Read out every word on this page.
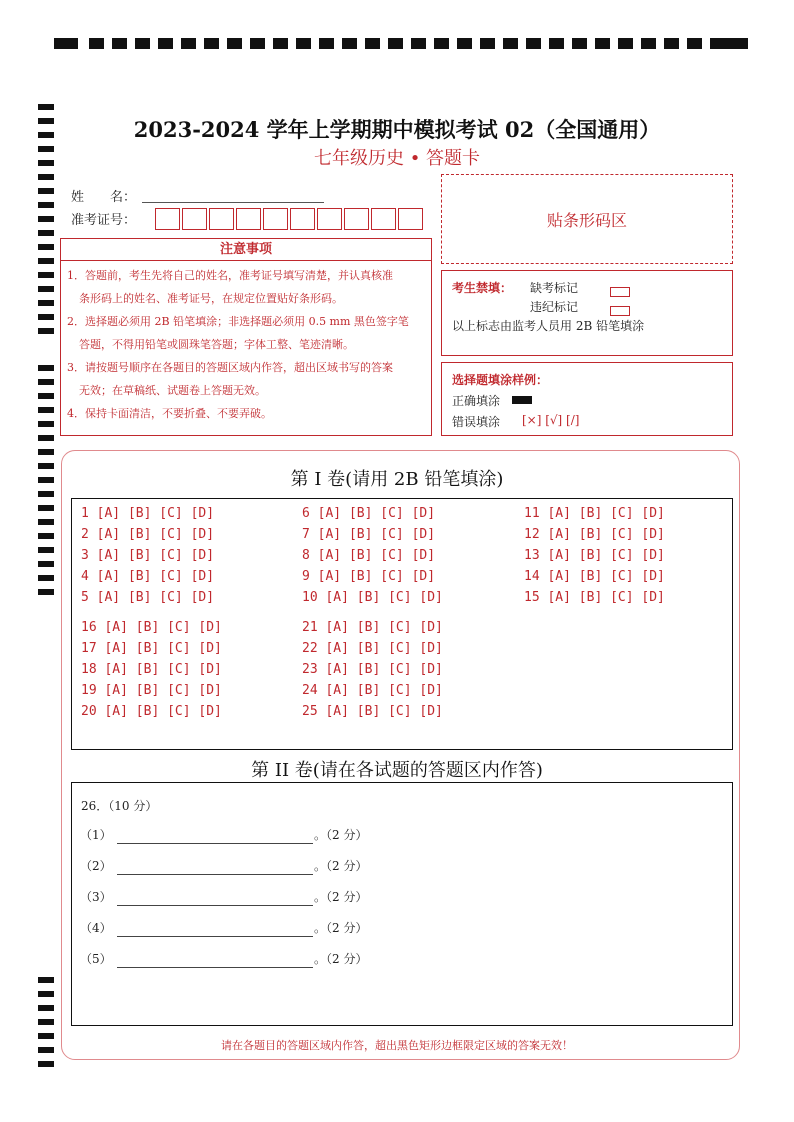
2023-2024 学年上学期期中模拟考试 02（全国通用）
七年级历史 • 答题卡
姓　　名：
准考证号：	贴条形码区
注意事项
1．答题前，考生先将自己的姓名，准考证号填写清楚，并认真核准
条形码上的姓名、准考证号，在规定位置贴好条形码。
2．选择题必须用 2B 铅笔填涂；非选择题必须用 0.5 mm 黑色签字笔
答题，不得用铅笔或圆珠笔答题；字体工整、笔迹清晰。
3．请按题号顺序在各题目的答题区域内作答，超出区域书写的答案
无效；在草稿纸、试题卷上答题无效。
4．保持卡面清洁，不要折叠、不要弄破。
考生禁填： 缺考标记
违纪标记
以上标志由监考人员用 2B 铅笔填涂
选择题填涂样例：
正确填涂
错误填涂 [×] [√] [/]
第 I 卷(请用 2B 铅笔填涂)
1 [A] [B] [C] [D]
2 [A] [B] [C] [D]
3 [A] [B] [C] [D]
4 [A] [B] [C] [D]
5 [A] [B] [C] [D]
6 [A] [B] [C] [D]
7 [A] [B] [C] [D]
8 [A] [B] [C] [D]
9 [A] [B] [C] [D]
10 [A] [B] [C] [D]
11 [A] [B] [C] [D]
12 [A] [B] [C] [D]
13 [A] [B] [C] [D]
14 [A] [B] [C] [D]
15 [A] [B] [C] [D]
16 [A] [B] [C] [D]
17 [A] [B] [C] [D]
18 [A] [B] [C] [D]
19 [A] [B] [C] [D]
20 [A] [B] [C] [D]
21 [A] [B] [C] [D]
22 [A] [B] [C] [D]
23 [A] [B] [C] [D]
24 [A] [B] [C] [D]
25 [A] [B] [C] [D]
第 II 卷(请在各试题的答题区内作答)
26．（10 分）
（1）	。（2 分）
（2）	。（2 分）
（3）	。（2 分）
（4）	。（2 分）
（5）	。（2 分）
请在各题目的答题区域内作答，超出黑色矩形边框限定区域的答案无效！
